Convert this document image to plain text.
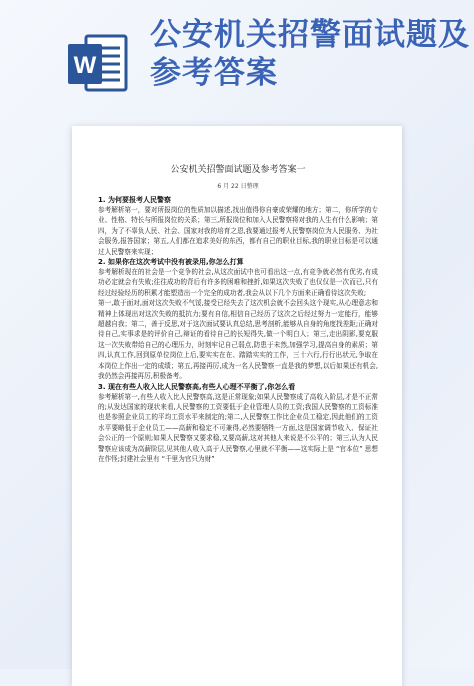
W
公安机关招警面试题及参考答案
公安机关招警面试题及参考答案一
6 月 22 日整理

1. 为何要报考人民警察

参考解析第一，要对所报岗位的性质加以描述,找出值得你自豪或荣耀的地方；第二，你所学的专业、性格、特长与所报岗位的关系；第三,所报岗位和加入人民警察将对我的人生有什么影响；第四，为了不辜负人民、社会、国家对我的培育之恩,我要通过报考人民警察岗位为人民服务、为社会服务,报答国家；第五,人们都在追求美好的东西，都有自己的职业目标,我的职业目标是可以通过人民警察来实现；

2. 如果你在这次考试中没有被录用,你怎么打算

参考解析现在的社会是一个竞争的社会,从这次面试中也可看出这一点,有竞争就必然有优劣,有成功必定就会有失败;往往成功的背后有许多的困难和挫折,如果这次失败了也仅仅是一次而已,只有经过经验经历的积累才能塑造出一个完全的成功者,我会从以下几个方面来正确看待这次失败;

第一,敢于面对,面对这次失败不气馁,接受已经失去了这次机会就不会回头这个现实,从心理意志和精神上体现出对这次失败的抵抗力;要有自信,相信自己经历了这次之后经过努力一定能行，能够超越自我；第二，善于反思,对于这次面试要认真总结,思考剖析,能够从自身的角度找差距;正确对待自己,实事求是的评价自己,辩证的看待自己的长短得失,做一个明白人；第三,走出阴影,要克服这一次失败带给自己的心理压力，时刻牢记自己弱点,防患于未然,加强学习,提高自身的素质；第四,认真工作,回到原单位岗位上后,要实实在在、踏踏实实的工作，三十六行,行行出状元,争取在本岗位上作出一定的成绩；第五,再接再厉,成为一名人民警察一直是我的梦想,以后如果还有机会,我仍然会再接再厉,积极备考。

3. 现在有些人收入比人民警察高,有些人心理不平衡了,你怎么看

参考解析第一,有些人收入比人民警察高,这是正常现象;如果人民警察成了高收入阶层,才是不正常的;从发达国家的现状来看,人民警察的工资要低于企业管理人员的工资;我国人民警察的工资标准也是参照企业员工的平均工资水平来制定的;第二,人民警察工作比企业员工稳定,因此他们的工资水平要略低于企业员工——高薪和稳定不可兼得,必然要牺牲一方面,这是国家调节收入、保证社会公正的一个原则;如果人民警察又要求稳,又要高薪,这对其他人来说是不公平的；第三,认为人民警察应该成为高薪阶层,见其他人收入高于人民警察,心里就不平衡——这实际上是 “官本位” 思想在作怪;封建社会里有 “千里为官只为财”
